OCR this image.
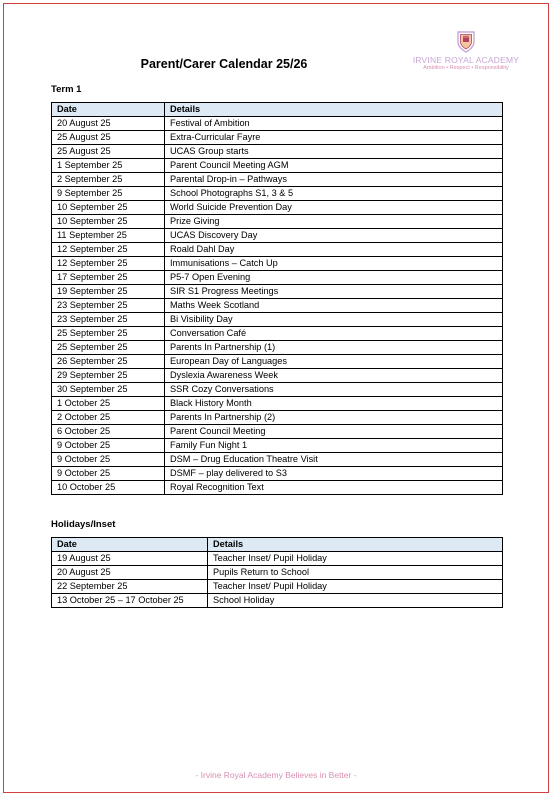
Parent/Carer Calendar 25/26	IRVINE ROYAL ACADEMY
Ambition • Respect • Responsibility
Term 1
Date	Details
20 August 25	Festival of Ambition
25 August 25	Extra-Curricular Fayre
25 August 25	UCAS Group starts
1 September 25	Parent Council Meeting AGM
2 September 25	Parental Drop-in – Pathways
9 September 25	School Photographs S1, 3 & 5
10 September 25	World Suicide Prevention Day
10 September 25	Prize Giving
11 September 25	UCAS Discovery Day
12 September 25	Roald Dahl Day
12 September 25	Immunisations – Catch Up
17 September 25	P5-7 Open Evening
19 September 25	SIR S1 Progress Meetings
23 September 25	Maths Week Scotland
23 September 25	Bi Visibility Day
25 September 25	Conversation Café
25 September 25	Parents In Partnership (1)
26 September 25	European Day of Languages
29 September 25	Dyslexia Awareness Week
30 September 25	SSR Cozy Conversations
1 October 25	Black History Month
2 October 25	Parents In Partnership (2)
6 October 25	Parent Council Meeting
9 October 25	Family Fun Night 1
9 October 25	DSM – Drug Education Theatre Visit
9 October 25	DSMF – play delivered to S3
10 October 25	Royal Recognition Text
Holidays/Inset
Date	Details
19 August 25	Teacher Inset/ Pupil Holiday
20 August 25	Pupils Return to School
22 September 25	Teacher Inset/ Pupil Holiday
13 October 25 – 17 October 25	School Holiday
- Irvine Royal Academy Believes in Better -
